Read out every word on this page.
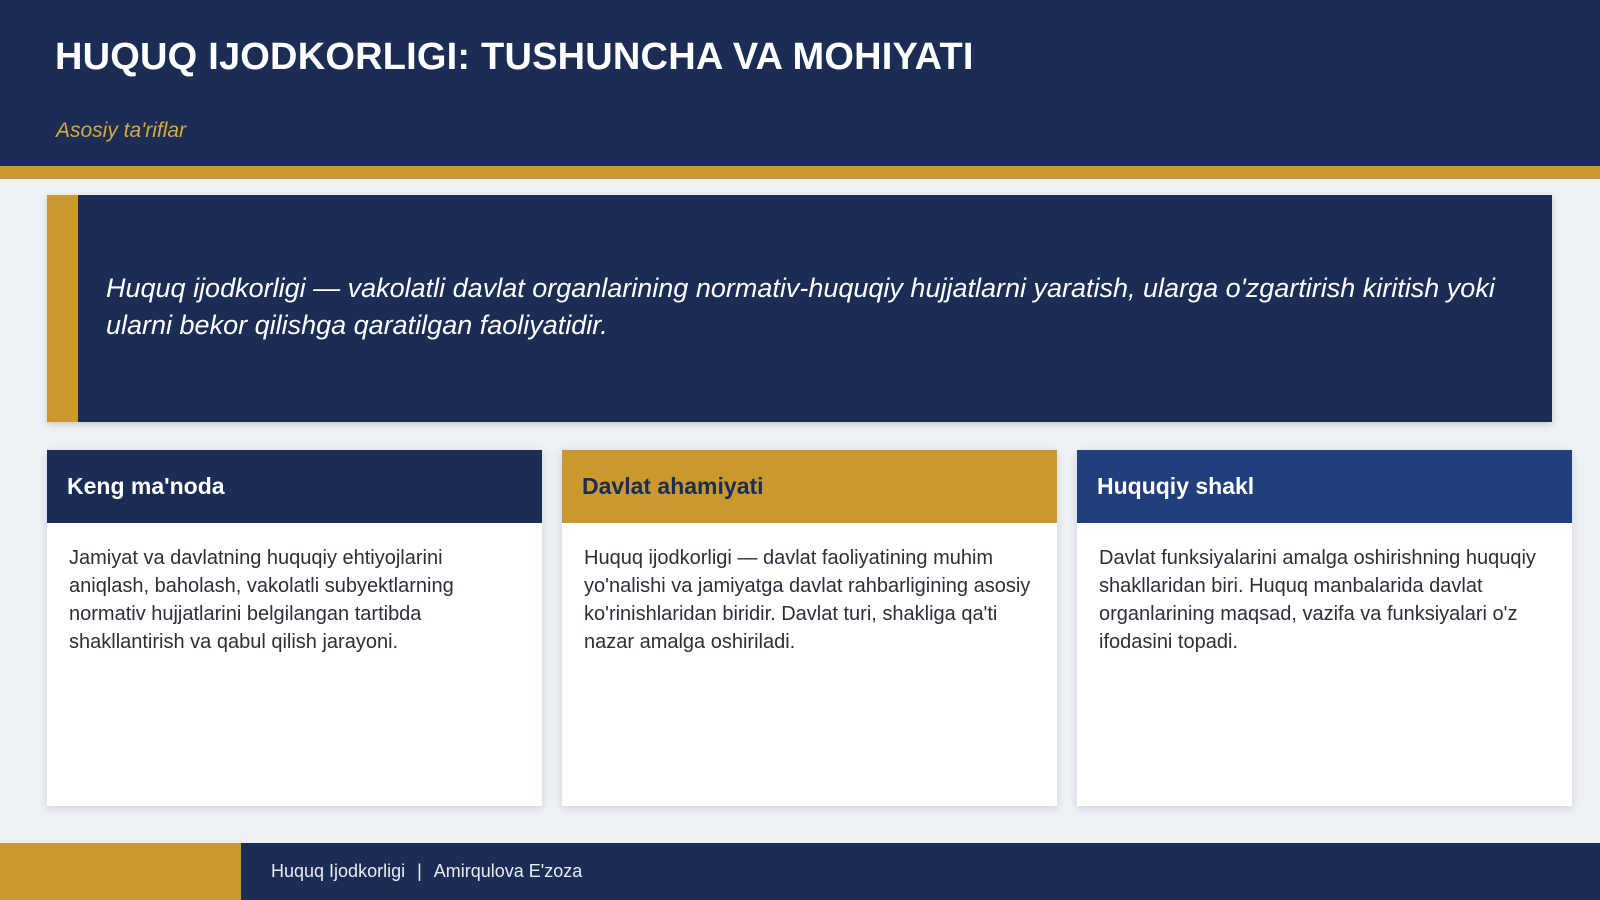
HUQUQ IJODKORLIGI: TUSHUNCHA VA MOHIYATI
Asosiy ta'riflar
Huquq ijodkorligi — vakolatli davlat organlarining normativ-huquqiy hujjatlarni yaratish, ularga o'zgartirish kiritish yoki ularni bekor qilishga qaratilgan faoliyatidir.
Keng ma'noda
Jamiyat va davlatning huquqiy ehtiyojlarini aniqlash, baholash, vakolatli subyektlarning normativ hujjatlarini belgilangan tartibda shakllantirish va qabul qilish jarayoni.
Davlat ahamiyati
Huquq ijodkorligi — davlat faoliyatining muhim yo'nalishi va jamiyatga davlat rahbarligining asosiy ko'rinishlaridan biridir. Davlat turi, shakliga qa'ti nazar amalga oshiriladi.
Huquqiy shakl
Davlat funksiyalarini amalga oshirishning huquqiy shakllaridan biri. Huquq manbalarida davlat organlarining maqsad, vazifa va funksiyalari o'z ifodasini topadi.
Huquq Ijodkorligi | Amirqulova E'zoza
